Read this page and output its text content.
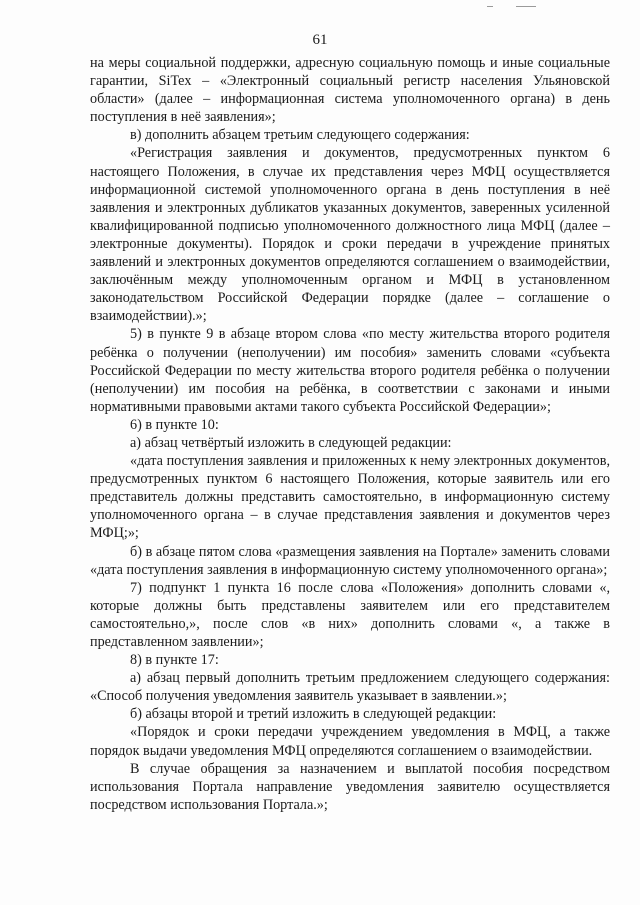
61

на меры социальной поддержки, адресную социальную помощь и иные социальные гарантии, SiTex – «Электронный социальный регистр населения Ульяновской области» (далее – информационная система уполномоченного органа) в день поступления в неё заявления»;

в) дополнить абзацем третьим следующего содержания:

«Регистрация заявления и документов, предусмотренных пунктом 6 настоящего Положения, в случае их представления через МФЦ осуществляется информационной системой уполномоченного органа в день поступления в неё заявления и электронных дубликатов указанных документов, заверенных усиленной квалифицированной подписью уполномоченного должностного лица МФЦ (далее – электронные документы). Порядок и сроки передачи в учреждение принятых заявлений и электронных документов определяются соглашением о взаимодействии, заключённым между уполномоченным органом и МФЦ в установленном законодательством Российской Федерации порядке (далее – соглашение о взаимодействии).»;

5) в пункте 9 в абзаце втором слова «по месту жительства второго родителя ребёнка о получении (неполучении) им пособия» заменить словами «субъекта Российской Федерации по месту жительства второго родителя ребёнка о получении (неполучении) им пособия на ребёнка, в соответствии с законами и иными нормативными правовыми актами такого субъекта Российской Федерации»;

6) в пункте 10:

а) абзац четвёртый изложить в следующей редакции:

«дата поступления заявления и приложенных к нему электронных документов, предусмотренных пунктом 6 настоящего Положения, которые заявитель или его представитель должны представить самостоятельно, в информационную систему уполномоченного органа – в случае представления заявления и документов через МФЦ;»;

б) в абзаце пятом слова «размещения заявления на Портале» заменить словами «дата поступления заявления в информационную систему уполномоченного органа»;

7) подпункт 1 пункта 16 после слова «Положения» дополнить словами «, которые должны быть представлены заявителем или его представителем самостоятельно,», после слов «в них» дополнить словами «, а также в представленном заявлении»;

8) в пункте 17:

а) абзац первый дополнить третьим предложением следующего содержания: «Способ получения уведомления заявитель указывает в заявлении.»;

б) абзацы второй и третий изложить в следующей редакции:

«Порядок и сроки передачи учреждением уведомления в МФЦ, а также порядок выдачи уведомления МФЦ определяются соглашением о взаимодействии.

В случае обращения за назначением и выплатой пособия посредством использования Портала направление уведомления заявителю осуществляется посредством использования Портала.»;
